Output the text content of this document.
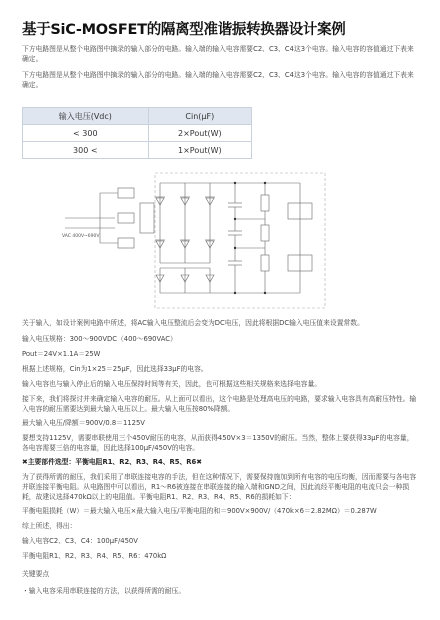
基于SiC-MOSFET的隔离型准谐振转换器设计案例
下方电路图是从整个电路图中摘录的输入部分的电路。输入端的输入电容需要C2、C3、C4这3个电容。输入电容的容值通过下表来确定。
下方电路图是从整个电路图中摘录的输入部分的电路。输入端的输入电容需要C2、C3、C4这3个电容。输入电容的容值通过下表来确定。
输入电压(Vdc)	Cin(μF)
< 300	2×Pout(W)
300 <	1×Pout(W)
VAC 400V~690V
关于输入，如设计案例电路中所述，将AC输入电压整流后会变为DC电压，因此将根据DC输入电压值来设置常数。
输入电压规格：300～900VDC（400～690VAC）
Pout＝24V×1.1A＝25W
根据上述规格，Cin为1×25＝25μF，因此选择33μF的电容。
输入电容也与输入停止后的输入电压保持时间等有关，因此，也可根据这些相关规格来选择电容量。
接下来，我们将探讨并来确定输入电容的耐压。从上面可以看出，这个电路是处理高电压的电路，要求输入电容具有高耐压特性。输入电容的耐压需要达到最大输入电压以上。最大输入电压按80%降额。
最大输入电压/降额＝900V/0.8＝1125V
要想支持1125V，需要串联使用三个450V耐压的电容，从而获得450V×3＝1350V的耐压。当然，整体上要获得33μF的电容量，各电容需要三倍的电容量，因此选择100μF/450V的电容。
✖主要部件选型：平衡电阻R1、R2、R3、R4、R5、R6✖
为了获得所需的耐压，我们采用了串联连接电容的手法，但在这种情况下，需要保持施加到所有电容的电压均衡，因而需要与各电容并联连接平衡电阻。从电路图中可以看出，R1～R6被连接在串联连接的输入端和GND之间，因此流经平衡电阻的电流只会一种损耗，故建议选择470kΩ以上的电阻值。平衡电阻R1、R2、R3、R4、R5、R6的损耗如下：
平衡电阻损耗（W）＝最大输入电压×最大输入电压/平衡电阻的和＝900V×900V/（470k×6＝2.82MΩ）＝0.287W
综上所述，得出：
输入电容C2、C3、C4：100μF/450V
平衡电阻R1、R2、R3、R4、R5、R6：470kΩ
关键要点
・输入电容采用串联连接的方法，以获得所需的耐压。
